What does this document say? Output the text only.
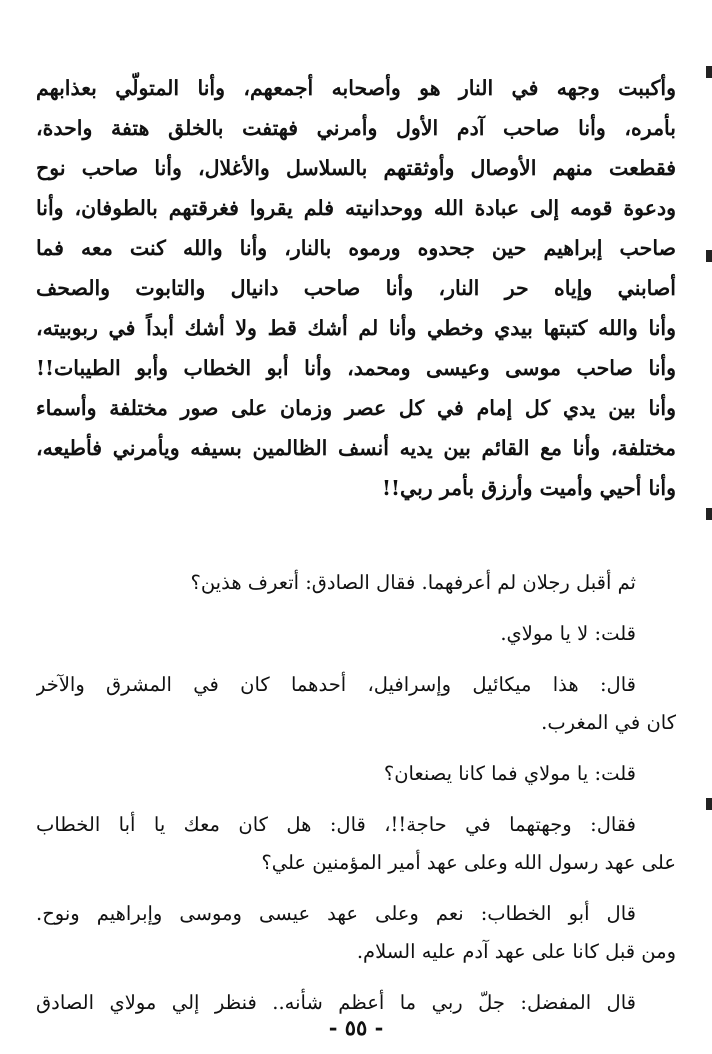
وأكببت وجهه في النار هو وأصحابه أجمعهم، وأنا المتولّي بعذابهم
بأمره، وأنا صاحب آدم الأول وأمرني فهتفت بالخلق هتفة واحدة،
فقطعت منهم الأوصال وأوثقتهم بالسلاسل والأغلال، وأنا صاحب نوح
ودعوة قومه إلى عبادة الله ووحدانيته فلم يقروا فغرقتهم بالطوفان، وأنا
صاحب إبراهيم حين جحدوه ورموه بالنار، وأنا والله كنت معه فما
أصابني وإياه حر النار، وأنا صاحب دانيال والتابوت والصحف
وأنا والله كتبتها بيدي وخطي وأنا لم أشك قط ولا أشك أبداً في ربوبيته،
وأنا صاحب موسى وعيسى ومحمد، وأنا أبو الخطاب وأبو الطيبات!!
وأنا بين يدي كل إمام في كل عصر وزمان على صور مختلفة وأسماء
مختلفة، وأنا مع القائم بين يديه أنسف الظالمين بسيفه ويأمرني فأطيعه،
وأنا أحيي وأميت وأرزق بأمر ربي!!
ثم أقبل رجلان لم أعرفهما. فقال الصادق: أتعرف هذين؟
قلت: لا يا مولاي.
قال: هذا ميكائيل وإسرافيل، أحدهما كان في المشرق والآخر
كان في المغرب.
قلت: يا مولاي فما كانا يصنعان؟
فقال: وجهتهما في حاجة!!، قال: هل كان معك يا أبا الخطاب
على عهد رسول الله وعلى عهد أمير المؤمنين علي؟
قال أبو الخطاب: نعم وعلى عهد عيسى وموسى وإبراهيم ونوح.
ومن قبل كانا على عهد آدم عليه السلام.
قال المفضل: جلّ ربي ما أعظم شأنه.. فنظر إلي مولاي الصادق
- ٥٥ -
